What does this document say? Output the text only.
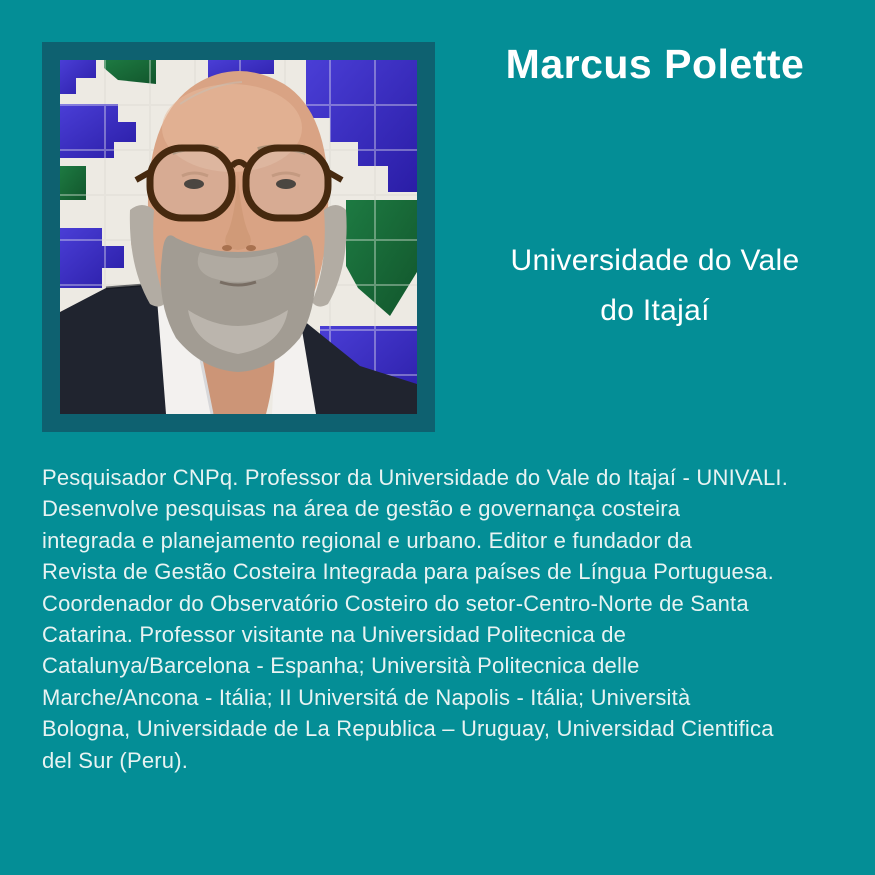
Marcus Polette
Universidade do Vale
do Itajaí
Pesquisador CNPq. Professor da Universidade do Vale do Itajaí - UNIVALI.
Desenvolve pesquisas na área de gestão e governança costeira
integrada e planejamento regional e urbano. Editor e fundador da
Revista de Gestão Costeira Integrada para países de Língua Portuguesa.
Coordenador do Observatório Costeiro do setor-Centro-Norte de Santa
Catarina. Professor visitante na Universidad Politecnica de
Catalunya/Barcelona - Espanha; Università Politecnica delle
Marche/Ancona - Itália; II Universitá de Napolis - Itália; Università
Bologna, Universidade de La Republica – Uruguay, Universidad Cientifica
del Sur (Peru).
